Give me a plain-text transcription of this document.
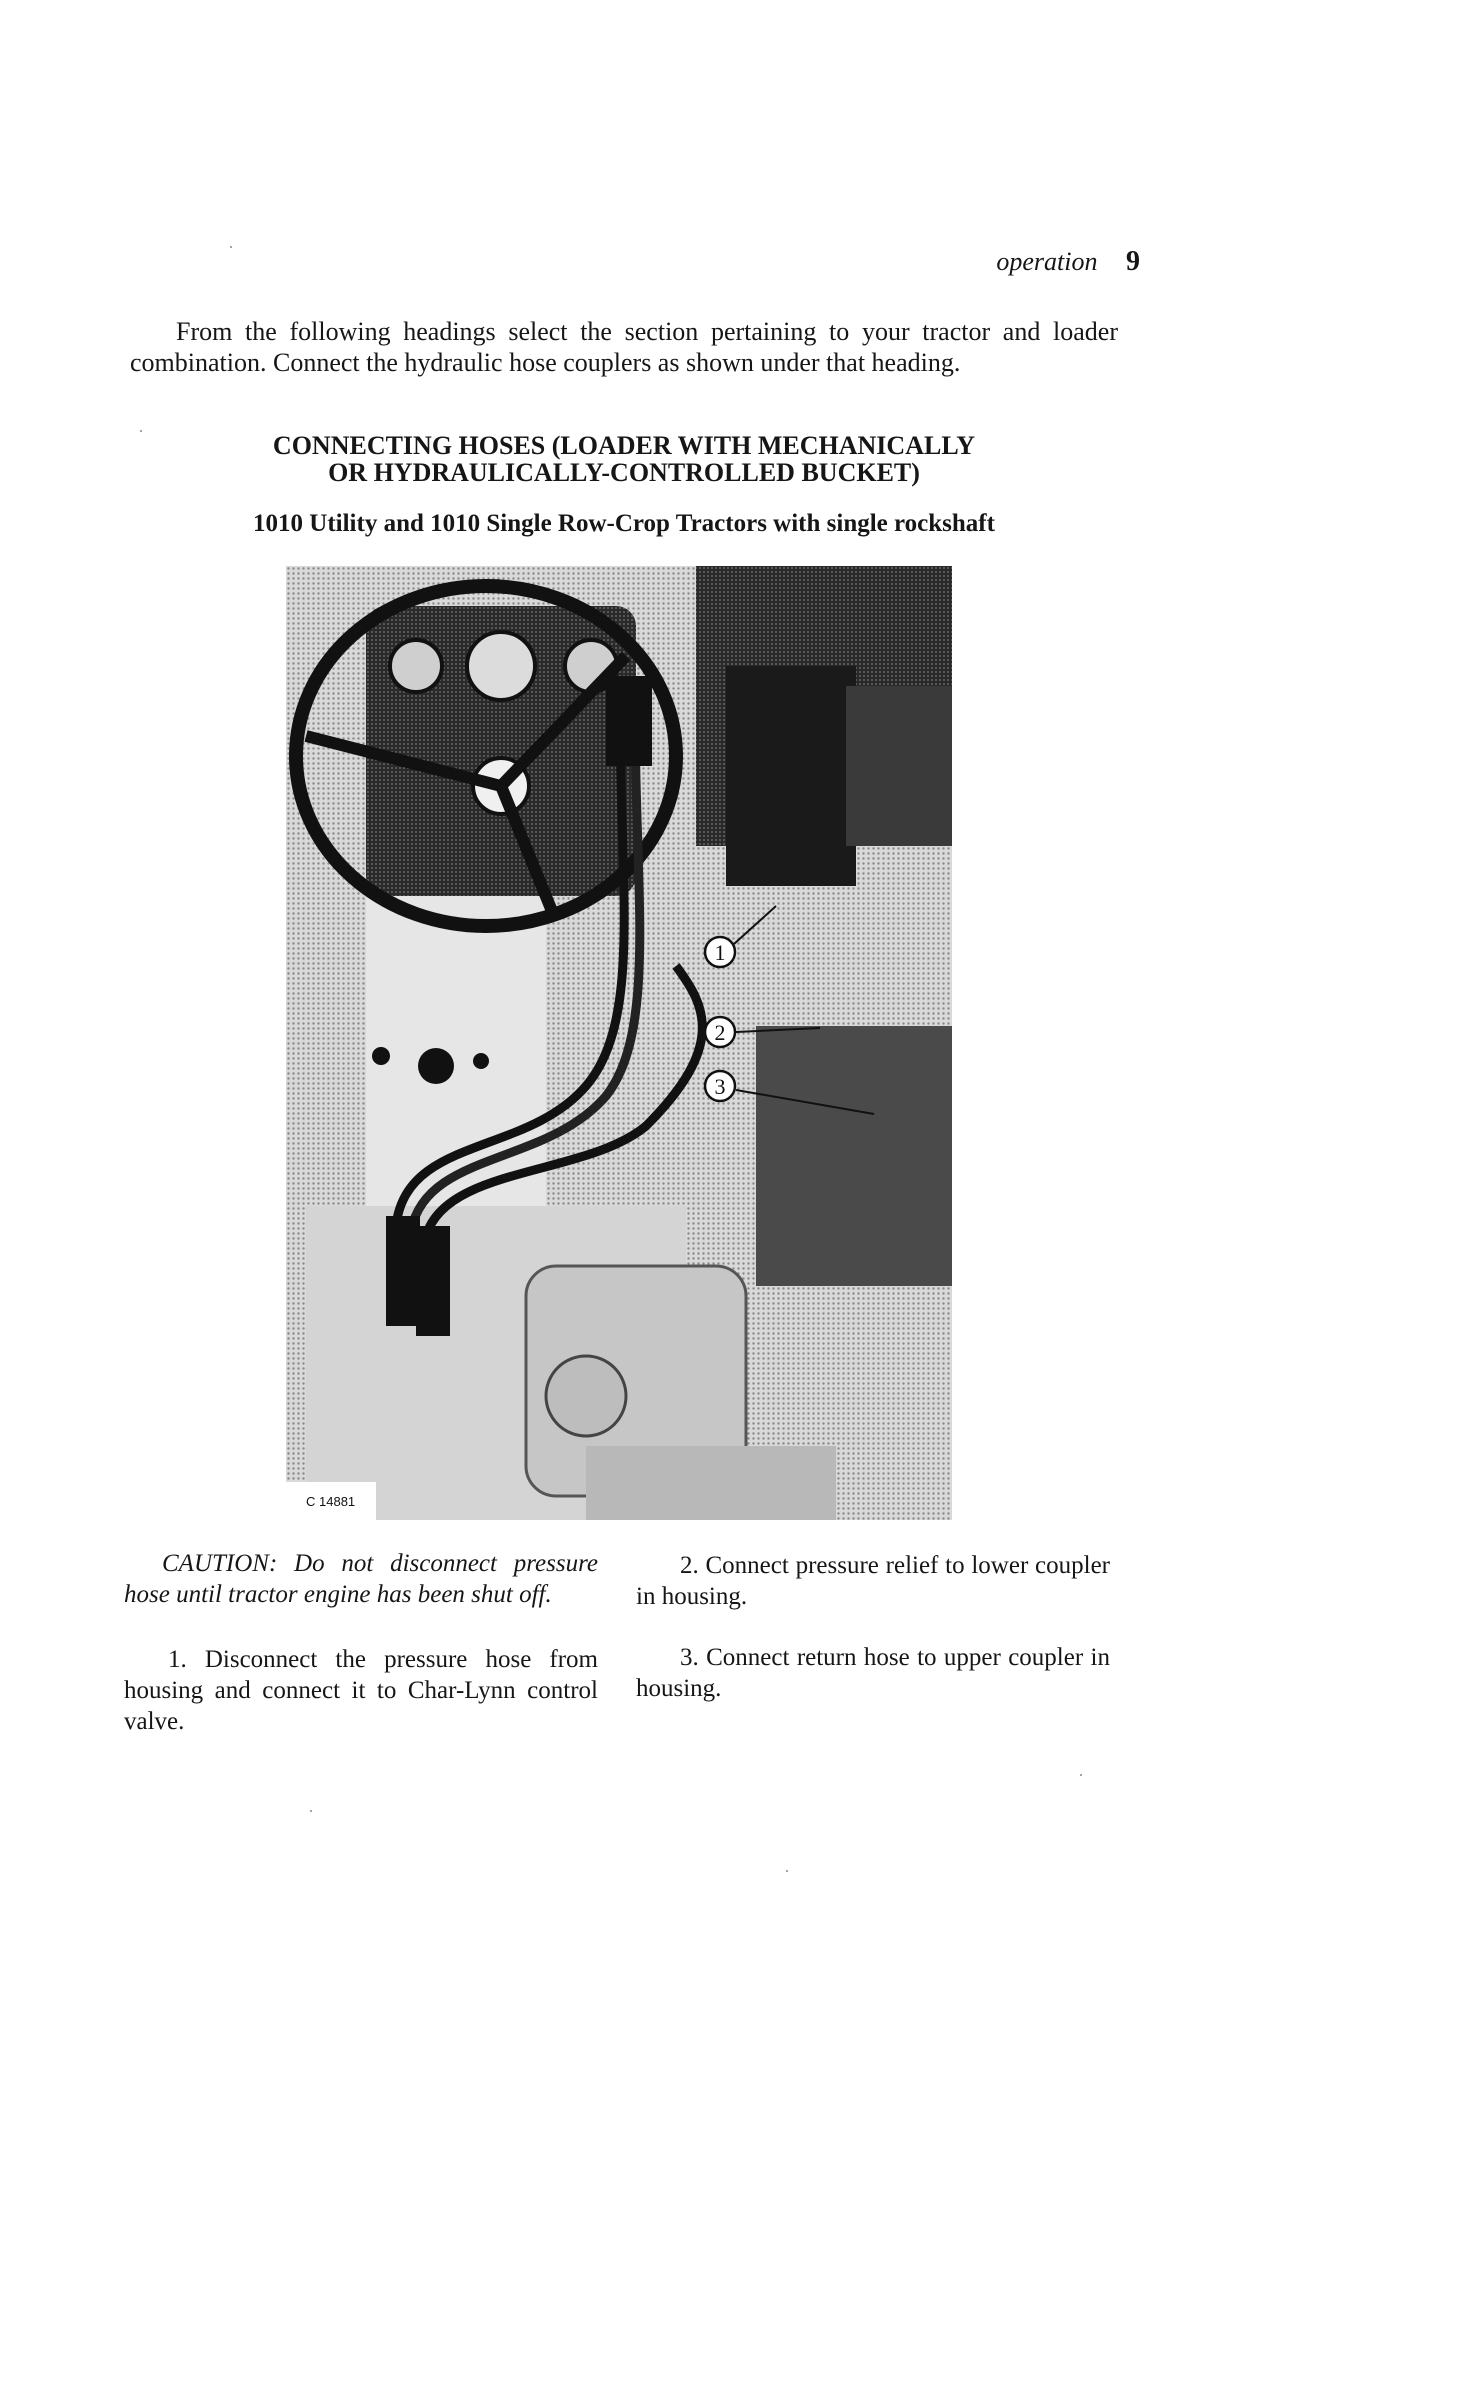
operation 9

From the following headings select the section pertaining to your tractor and loader combination. Connect the hydraulic hose couplers as shown under that heading.

CONNECTING HOSES (LOADER WITH MECHANICALLY
OR HYDRAULICALLY-CONTROLLED BUCKET)

1010 Utility and 1010 Single Row-Crop Tractors with single rockshaft

1
2
3
C 14881

CAUTION: Do not disconnect pressure hose until tractor engine has been shut off.

1. Disconnect the pressure hose from housing and connect it to Char-Lynn control valve.

2. Connect pressure relief to lower coupler in housing.

3. Connect return hose to upper coupler in housing.
